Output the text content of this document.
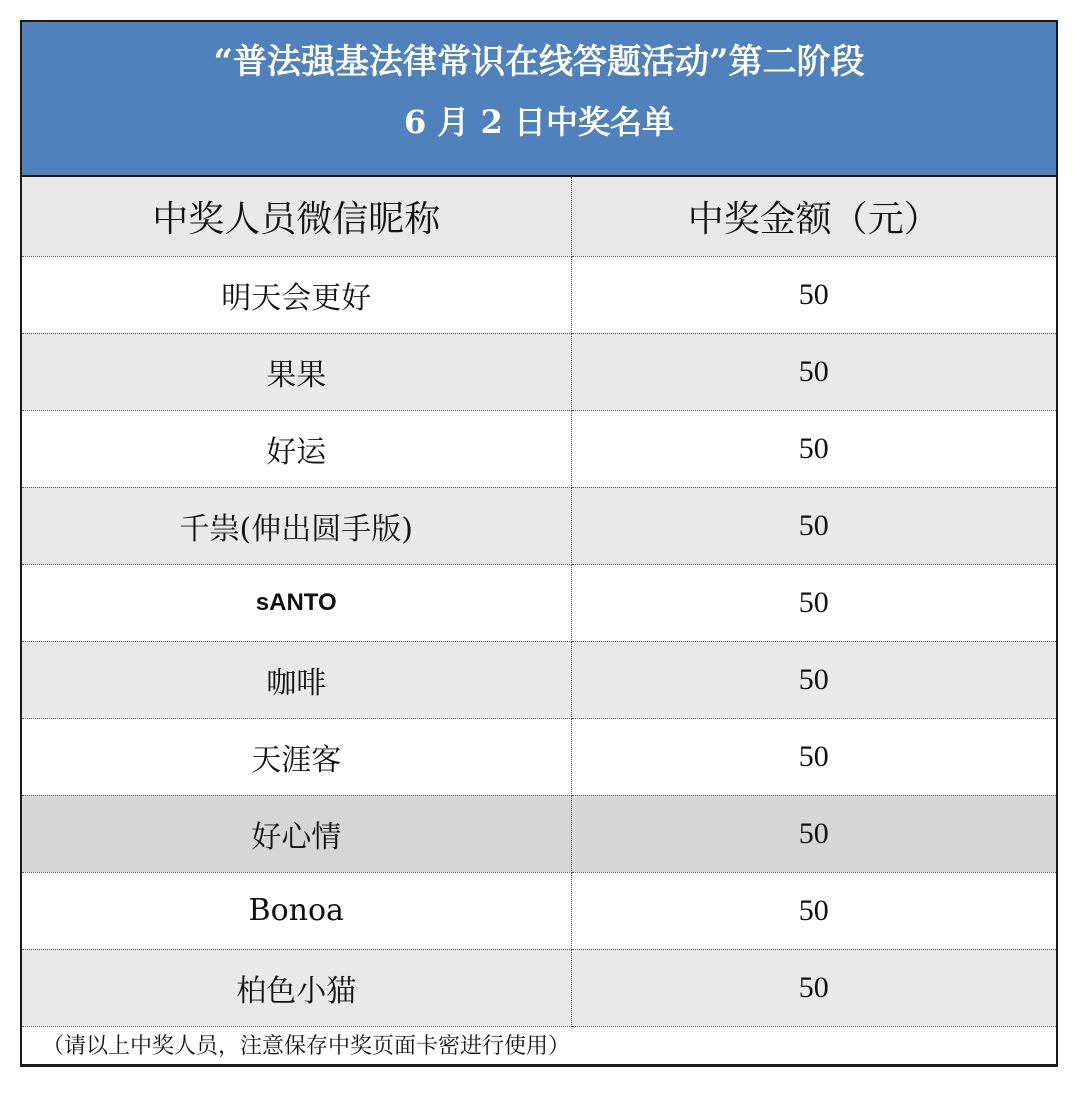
“普法强基法律常识在线答题活动”第二阶段
6 月 2 日中奖名单
中奖人员微信昵称	中奖金额（元）
明天会更好	50
果果	50
好运	50
千祟(伸出圆手版)	50
sANTO	50
咖啡	50
天涯客	50
好心情	50
Bonoa	50
柏色小猫	50
（请以上中奖人员，注意保存中奖页面卡密进行使用）
